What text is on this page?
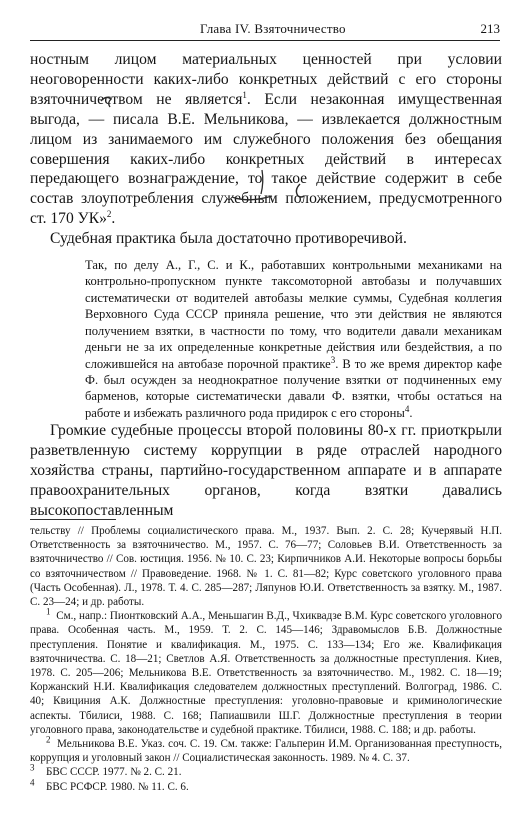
Глава IV. Взяточничество	213

ностным лицом материальных ценностей при условии неоговоренности каких-либо конкретных действий с его стороны взяточничеством не является$^1$. Если незаконная имущественная выгода, — писала В.Е. Мельникова, — извлекается должностным лицом из занимаемого им служебного положения без обещания совершения каких-либо конкретных действий в интересах передающего вознаграждение, то такое действие содержит в себе состав злоупотребления служебным положением, предусмотренного ст. 170 УК»$^2$.

Судебная практика была достаточно противоречивой.

Так, по делу А., Г., С. и К., работавших контрольными механиками на контрольно-пропускном пункте таксомоторной автобазы и получавших систематически от водителей автобазы мелкие суммы, Судебная коллегия Верховного Суда СССР приняла решение, что эти действия не являются получением взятки, в частности по тому, что водители давали механикам деньги не за их определенные конкретные действия или бездействия, а по сложившейся на автобазе порочной практике$^3$. В то же время директор кафе Ф. был осужден за неоднократное получение взятки от подчиненных ему барменов, которые систематически давали Ф. взятки, чтобы остаться на работе и избежать различного рода придирок с его стороны$^4$.

Громкие судебные процессы второй половины 80-х гг. приоткрыли разветвленную систему коррупции в ряде отраслей народного хозяйства страны, партийно-государственном аппарате и в аппарате правоохранительных органов, когда взятки давались высокопоставленным

тельству // Проблемы социалистического права. М., 1937. Вып. 2. С. 28; Кучерявый Н.П. Ответственность за взяточничество. М., 1957. С. 76—77; Соловьев В.И. Ответственность за взяточничество // Сов. юстиция. 1956. № 10. С. 23; Кирпичников А.И. Некоторые вопросы борьбы со взяточничеством // Правоведение. 1968. № 1. С. 81—82; Курс советского уголовного права (Часть Особенная). Л., 1978. Т. 4. С. 285—287; Ляпунов Ю.И. Ответственность за взятку. М., 1987. С. 23—24; и др. работы.

$^1$ См., напр.: Пионтковский А.А., Меньшагин В.Д., Чхиквадзе В.М. Курс советского уголовного права. Особенная часть. М., 1959. Т. 2. С. 145—146; Здравомыслов Б.В. Должностные преступления. Понятие и квалификация. М., 1975. С. 133—134; Его же. Квалификация взяточничества. С. 18—21; Светлов А.Я. Ответственность за должностные преступления. Киев, 1978. С. 205—206; Мельникова В.Е. Ответственность за взяточничество. М., 1982. С. 18—19; Коржанский Н.И. Квалификация следователем должностных преступлений. Волгоград, 1986. С. 40; Квициния А.К. Должностные преступления: уголовно-правовые и криминологические аспекты. Тбилиси, 1988. С. 168; Папиашвили Ш.Г. Должностные преступления в теории уголовного права, законодательстве и судебной практике. Тбилиси, 1988. С. 188; и др. работы.

$^2$ Мельникова В.Е. Указ. соч. С. 19. См. также: Гальперин И.М. Организованная преступность, коррупция и уголовный закон // Социалистическая законность. 1989. № 4. С. 37.

$^3$ БВС СССР. 1977. № 2. С. 21.

$^4$ БВС РСФСР. 1980. № 11. С. 6.
